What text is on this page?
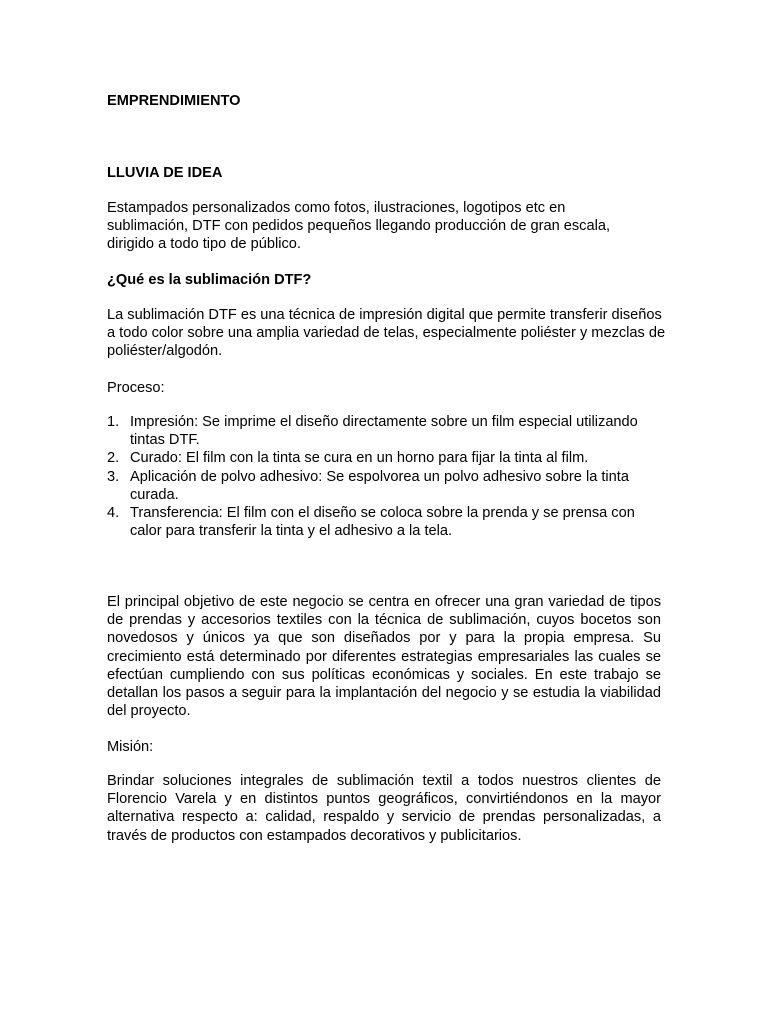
EMPRENDIMIENTO

LLUVIA DE IDEA

Estampados personalizados como fotos, ilustraciones, logotipos etc en sublimación, DTF con pedidos pequeños llegando producción de gran escala, dirigido a todo tipo de público.

¿Qué es la sublimación DTF?

La sublimación DTF es una técnica de impresión digital que permite transferir diseños a todo color sobre una amplia variedad de telas, especialmente poliéster y mezclas de poliéster/algodón.

Proceso:

1. Impresión: Se imprime el diseño directamente sobre un film especial utilizando tintas DTF.
2. Curado: El film con la tinta se cura en un horno para fijar la tinta al film.
3. Aplicación de polvo adhesivo: Se espolvorea un polvo adhesivo sobre la tinta curada.
4. Transferencia: El film con el diseño se coloca sobre la prenda y se prensa con calor para transferir la tinta y el adhesivo a la tela.

El principal objetivo de este negocio se centra en ofrecer una gran variedad de tipos de prendas y accesorios textiles con la técnica de sublimación, cuyos bocetos son novedosos y únicos ya que son diseñados por y para la propia empresa. Su crecimiento está determinado por diferentes estrategias empresariales las cuales se efectúan cumpliendo con sus políticas económicas y sociales. En este trabajo se detallan los pasos a seguir para la implantación del negocio y se estudia la viabilidad del proyecto.

Misión:

Brindar soluciones integrales de sublimación textil a todos nuestros clientes de Florencio Varela y en distintos puntos geográficos, convirtiéndonos en la mayor alternativa respecto a: calidad, respaldo y servicio de prendas personalizadas, a través de productos con estampados decorativos y publicitarios.
